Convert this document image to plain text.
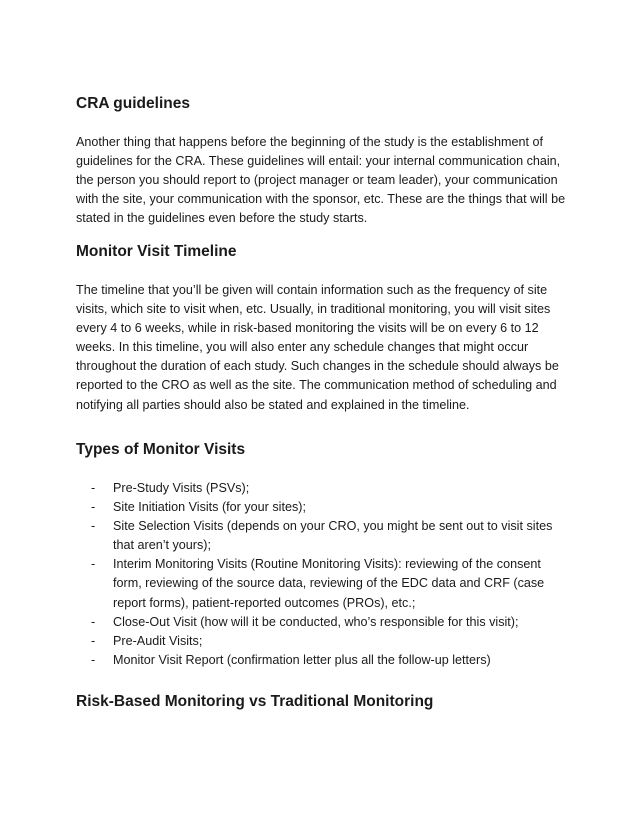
CRA guidelines

Another thing that happens before the beginning of the study is the establishment of guidelines for the CRA. These guidelines will entail: your internal communication chain, the person you should report to (project manager or team leader), your communication with the site, your communication with the sponsor, etc. These are the things that will be stated in the guidelines even before the study starts.

Monitor Visit Timeline

The timeline that you’ll be given will contain information such as the frequency of site visits, which site to visit when, etc. Usually, in traditional monitoring, you will visit sites every 4 to 6 weeks, while in risk-based monitoring the visits will be on every 6 to 12 weeks. In this timeline, you will also enter any schedule changes that might occur throughout the duration of each study. Such changes in the schedule should always be reported to the CRO as well as the site. The communication method of scheduling and notifying all parties should also be stated and explained in the timeline.

Types of Monitor Visits
- Pre-Study Visits (PSVs);
- Site Initiation Visits (for your sites);
- Site Selection Visits (depends on your CRO, you might be sent out to visit sites that aren’t yours);
- Interim Monitoring Visits (Routine Monitoring Visits): reviewing of the consent form, reviewing of the source data, reviewing of the EDC data and CRF (case report forms), patient-reported outcomes (PROs), etc.;
- Close-Out Visit (how will it be conducted, who’s responsible for this visit);
- Pre-Audit Visits;
- Monitor Visit Report (confirmation letter plus all the follow-up letters)
Risk-Based Monitoring vs Traditional Monitoring
